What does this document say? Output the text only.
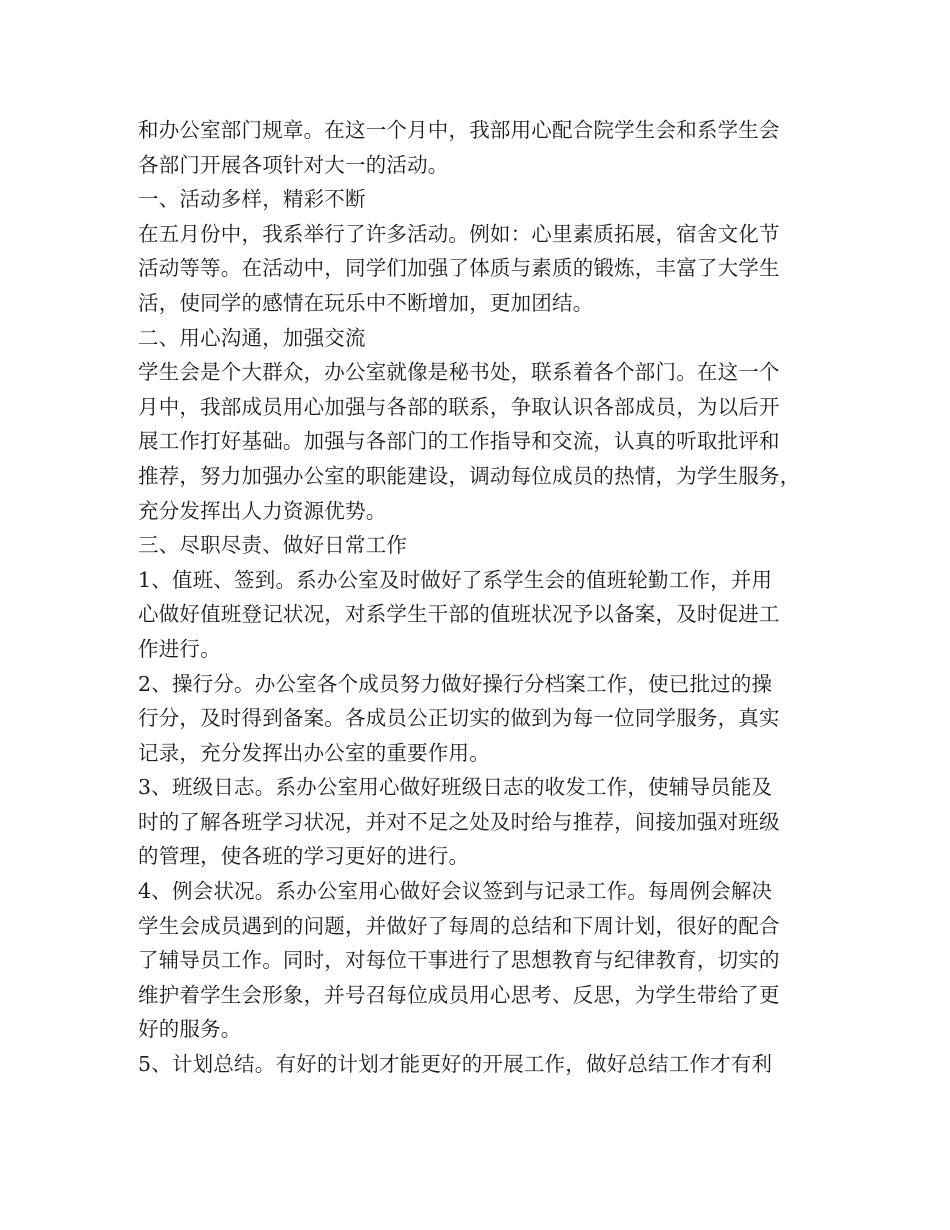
和办公室部门规章。在这一个月中，我部用心配合院学生会和系学生会
各部门开展各项针对大一的活动。
一、活动多样，精彩不断
在五月份中，我系举行了许多活动。例如：心里素质拓展，宿舍文化节
活动等等。在活动中，同学们加强了体质与素质的锻炼，丰富了大学生
活，使同学的感情在玩乐中不断增加，更加团结。
二、用心沟通，加强交流
学生会是个大群众，办公室就像是秘书处，联系着各个部门。在这一个
月中，我部成员用心加强与各部的联系，争取认识各部成员，为以后开
展工作打好基础。加强与各部门的工作指导和交流，认真的听取批评和
推荐，努力加强办公室的职能建设，调动每位成员的热情，为学生服务，
充分发挥出人力资源优势。
三、尽职尽责、做好日常工作
1、值班、签到。系办公室及时做好了系学生会的值班轮勤工作，并用
心做好值班登记状况，对系学生干部的值班状况予以备案，及时促进工
作进行。
2、操行分。办公室各个成员努力做好操行分档案工作，使已批过的操
行分，及时得到备案。各成员公正切实的做到为每一位同学服务，真实
记录，充分发挥出办公室的重要作用。
3、班级日志。系办公室用心做好班级日志的收发工作，使辅导员能及
时的了解各班学习状况，并对不足之处及时给与推荐，间接加强对班级
的管理，使各班的学习更好的进行。
4、例会状况。系办公室用心做好会议签到与记录工作。每周例会解决
学生会成员遇到的问题，并做好了每周的总结和下周计划，很好的配合
了辅导员工作。同时，对每位干事进行了思想教育与纪律教育，切实的
维护着学生会形象，并号召每位成员用心思考、反思，为学生带给了更
好的服务。
5、计划总结。有好的计划才能更好的开展工作，做好总结工作才有利
